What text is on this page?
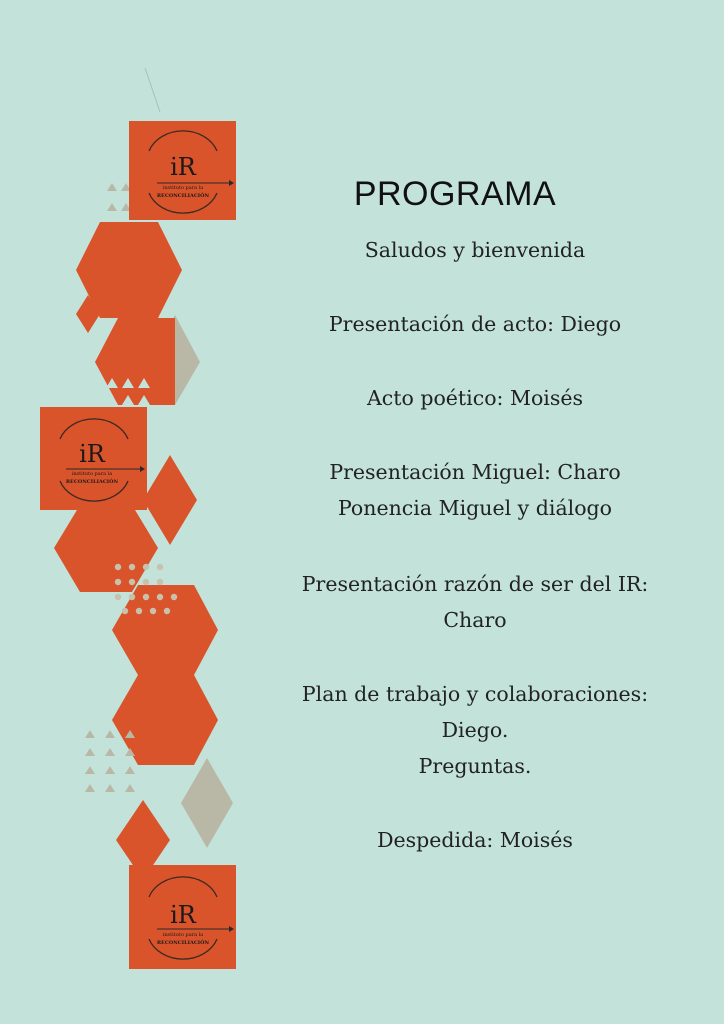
iR
instituto para la
RECONCILIACIÓN
iR
instituto para la
RECONCILIACIÓN
iR
instituto para la
RECONCILIACIÓN
PROGRAMA
Saludos y bienvenida
Presentación de acto: Diego
Acto poético: Moisés
Presentación Miguel: Charo
Ponencia Miguel y diálogo
Presentación razón de ser del IR:
Charo
Plan de trabajo y colaboraciones:
Diego.
Preguntas.
Despedida: Moisés
